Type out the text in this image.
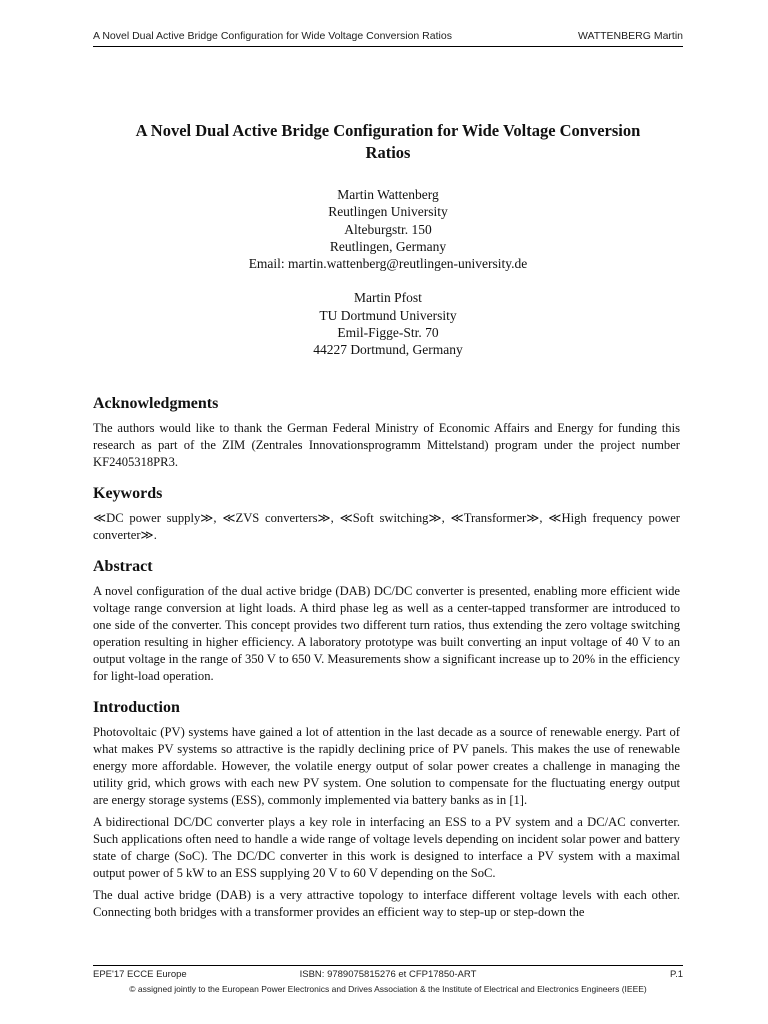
A Novel Dual Active Bridge Configuration for Wide Voltage Conversion Ratios	WATTENBERG Martin
A Novel Dual Active Bridge Configuration for Wide Voltage Conversion
Ratios
Martin Wattenberg
Reutlingen University
Alteburgstr. 150
Reutlingen, Germany
Email: martin.wattenberg@reutlingen-university.de
Martin Pfost
TU Dortmund University
Emil-Figge-Str. 70
44227 Dortmund, Germany
Acknowledgments

The authors would like to thank the German Federal Ministry of Economic Affairs and Energy for funding this research as part of the ZIM (Zentrales Innovationsprogramm Mittelstand) program under the project number KF2405318PR3.

Keywords

≪DC power supply≫, ≪ZVS converters≫, ≪Soft switching≫, ≪Transformer≫, ≪High frequency power converter≫.

Abstract

A novel configuration of the dual active bridge (DAB) DC/DC converter is presented, enabling more efficient wide voltage range conversion at light loads. A third phase leg as well as a center-tapped transformer are introduced to one side of the converter. This concept provides two different turn ratios, thus extending the zero voltage switching operation resulting in higher efficiency. A laboratory prototype was built converting an input voltage of 40 V to an output voltage in the range of 350 V to 650 V. Measurements show a significant increase up to 20% in the efficiency for light-load operation.

Introduction

Photovoltaic (PV) systems have gained a lot of attention in the last decade as a source of renewable energy. Part of what makes PV systems so attractive is the rapidly declining price of PV panels. This makes the use of renewable energy more affordable. However, the volatile energy output of solar power creates a challenge in managing the utility grid, which grows with each new PV system. One solution to compensate for the fluctuating energy output are energy storage systems (ESS), commonly implemented via battery banks as in [1].

A bidirectional DC/DC converter plays a key role in interfacing an ESS to a PV system and a DC/AC converter. Such applications often need to handle a wide range of voltage levels depending on incident solar power and battery state of charge (SoC). The DC/DC converter in this work is designed to interface a PV system with a maximal output power of 5 kW to an ESS supplying 20 V to 60 V depending on the SoC.

The dual active bridge (DAB) is a very attractive topology to interface different voltage levels with each other. Connecting both bridges with a transformer provides an efficient way to step-up or step-down the

EPE'17 ECCE Europe	ISBN: 9789075815276 et CFP17850-ART	P.1
© assigned jointly to the European Power Electronics and Drives Association & the Institute of Electrical and Electronics Engineers (IEEE)
